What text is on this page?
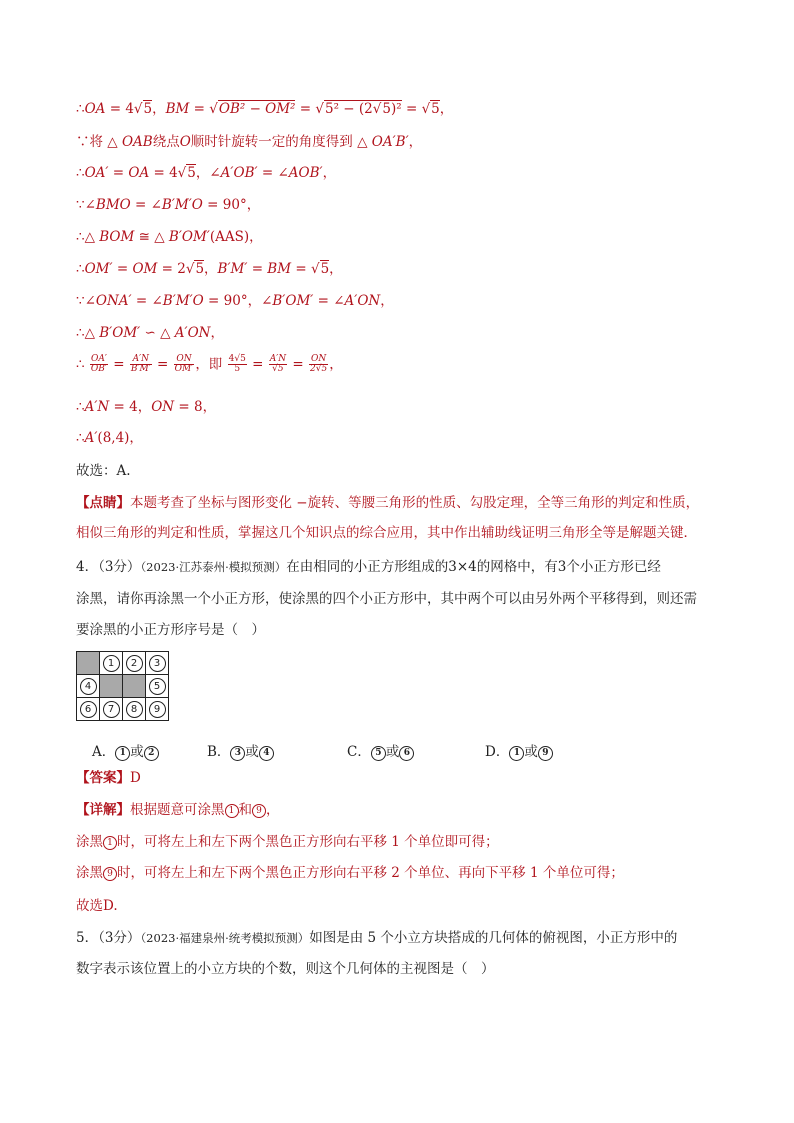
∴OA = 4√5，BM = √OB² − OM² = √5² − (2√5)² = √5，
∵将 △ OAB绕点O顺时针旋转一定的角度得到 △ OA′B′，
∴OA′ = OA = 4√5，∠A′OB′ = ∠AOB′，
∵∠BMO = ∠B′M′O = 90°，
∴△ BOM ≅ △ B′OM′(AAS)，
∴OM′ = OM = 2√5，B′M′ = BM = √5，
∵∠ONA′ = ∠B′M′O = 90°，∠B′OM′ = ∠A′ON，
∴△ B′OM′ ∽ △ A′ON，
∴ $\frac{OA'}{OB'} = \frac{A'N}{B'M'} = \frac{ON}{OM'}$ ，即 $\frac{4√5}{5} = \frac{A'N}{√5} = \frac{ON}{2√5}$ ，
∴A′N = 4，ON = 8，
∴A′(8,4)，
故选：A.
【点睛】本题考查了坐标与图形变化 −旋转、等腰三角形的性质、勾股定理，全等三角形的判定和性质，
相似三角形的判定和性质，掌握这几个知识点的综合应用，其中作出辅助线证明三角形全等是解题关键．
4．（3分）（2023·江苏泰州·模拟预测）在由相同的小正方形组成的3×4的网格中，有3个小正方形已经
涂黑，请你再涂黑一个小正方形，使涂黑的四个小正方形中，其中两个可以由另外两个平移得到，则还需
要涂黑的小正方形序号是（　）
	1	2	3
4			5
6	7	8	9
A． 1 或 2	B． 3 或 4	C． 5 或 6	D． 1 或 9
【答案】D
【详解】根据题意可涂黑 1 和 9 ，
涂黑 1 时，可将左上和左下两个黑色正方形向右平移 1 个单位即可得；
涂黑 9 时，可将左上和左下两个黑色正方形向右平移 2 个单位、再向下平移 1 个单位可得；
故选D.
5．（3分）（2023·福建泉州·统考模拟预测）如图是由 5 个小立方块搭成的几何体的俯视图，小正方形中的
数字表示该位置上的小立方块的个数，则这个几何体的主视图是（　）
